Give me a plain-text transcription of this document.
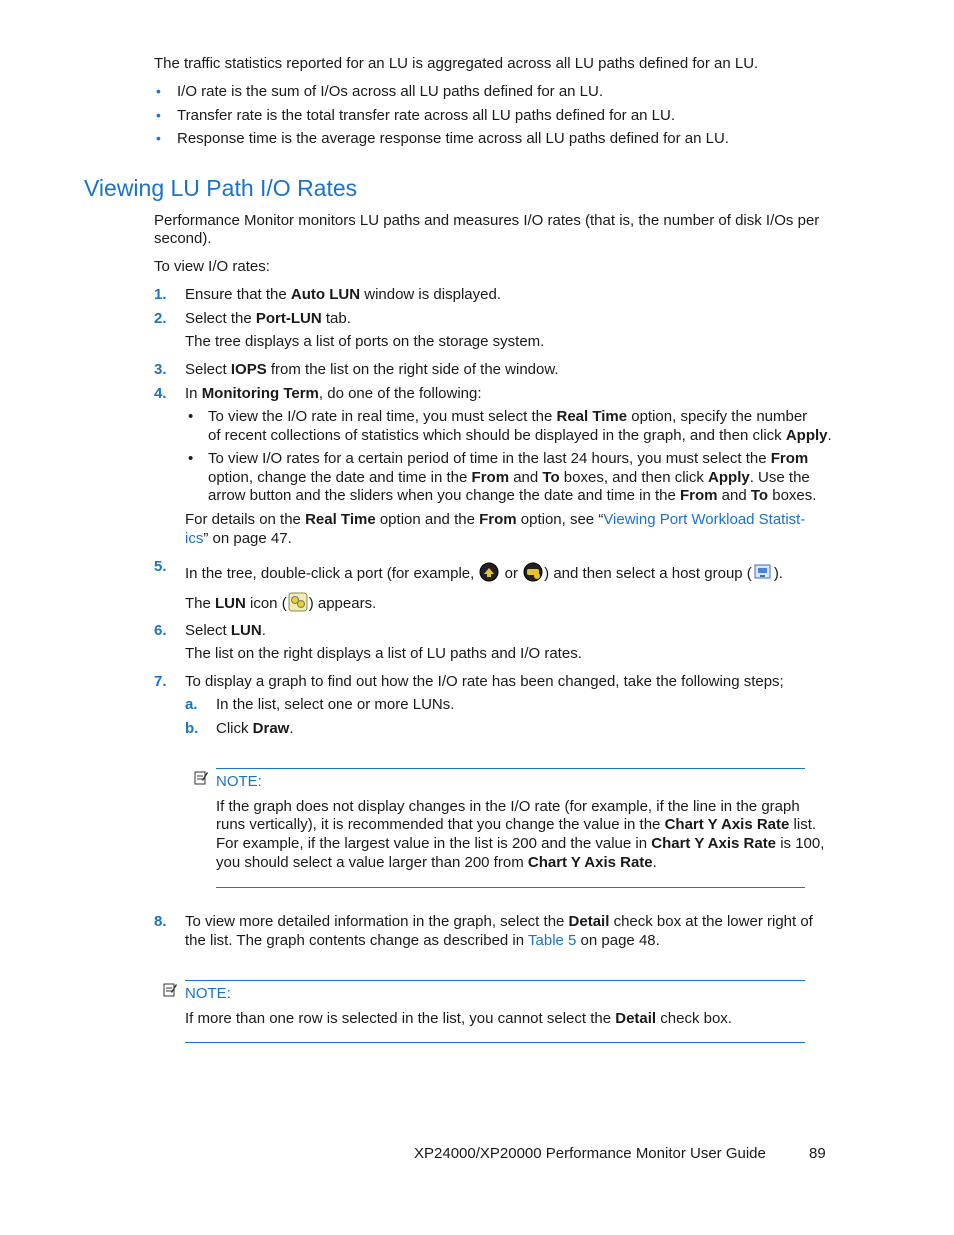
The traffic statistics reported for an LU is aggregated across all LU paths defined for an LU.
• I/O rate is the sum of I/Os across all LU paths defined for an LU.
• Transfer rate is the total transfer rate across all LU paths defined for an LU.
• Response time is the average response time across all LU paths defined for an LU.
Viewing LU Path I/O Rates
Performance Monitor monitors LU paths and measures I/O rates (that is, the number of disk I/Os per
second).
To view I/O rates:
1. Ensure that the Auto LUN window is displayed.
2. Select the Port-LUN tab.
The tree displays a list of ports on the storage system.
3. Select IOPS from the list on the right side of the window.
4. In Monitoring Term, do one of the following:
• To view the I/O rate in real time, you must select the Real Time option, specify the number
of recent collections of statistics which should be displayed in the graph, and then click Apply.
• To view I/O rates for a certain period of time in the last 24 hours, you must select the From
option, change the date and time in the From and To boxes, and then click Apply. Use the
arrow button and the sliders when you change the date and time in the From and To boxes.
For details on the Real Time option and the From option, see “Viewing Port Workload Statist-
ics” on page 47.
5. In the tree, double-click a port (for example,  or ) and then select a host group ( ).
The LUN icon ( ) appears.
6. Select LUN.
The list on the right displays a list of LU paths and I/O rates.
7. To display a graph to find out how the I/O rate has been changed, take the following steps;
a. In the list, select one or more LUNs.
b. Click Draw.
NOTE:
If the graph does not display changes in the I/O rate (for example, if the line in the graph
runs vertically), it is recommended that you change the value in the Chart Y Axis Rate list.
For example, if the largest value in the list is 200 and the value in Chart Y Axis Rate is 100,
you should select a value larger than 200 from Chart Y Axis Rate.
8. To view more detailed information in the graph, select the Detail check box at the lower right of
the list. The graph contents change as described in Table 5 on page 48.
NOTE:
If more than one row is selected in the list, you cannot select the Detail check box.
XP24000/XP20000 Performance Monitor User Guide	89
